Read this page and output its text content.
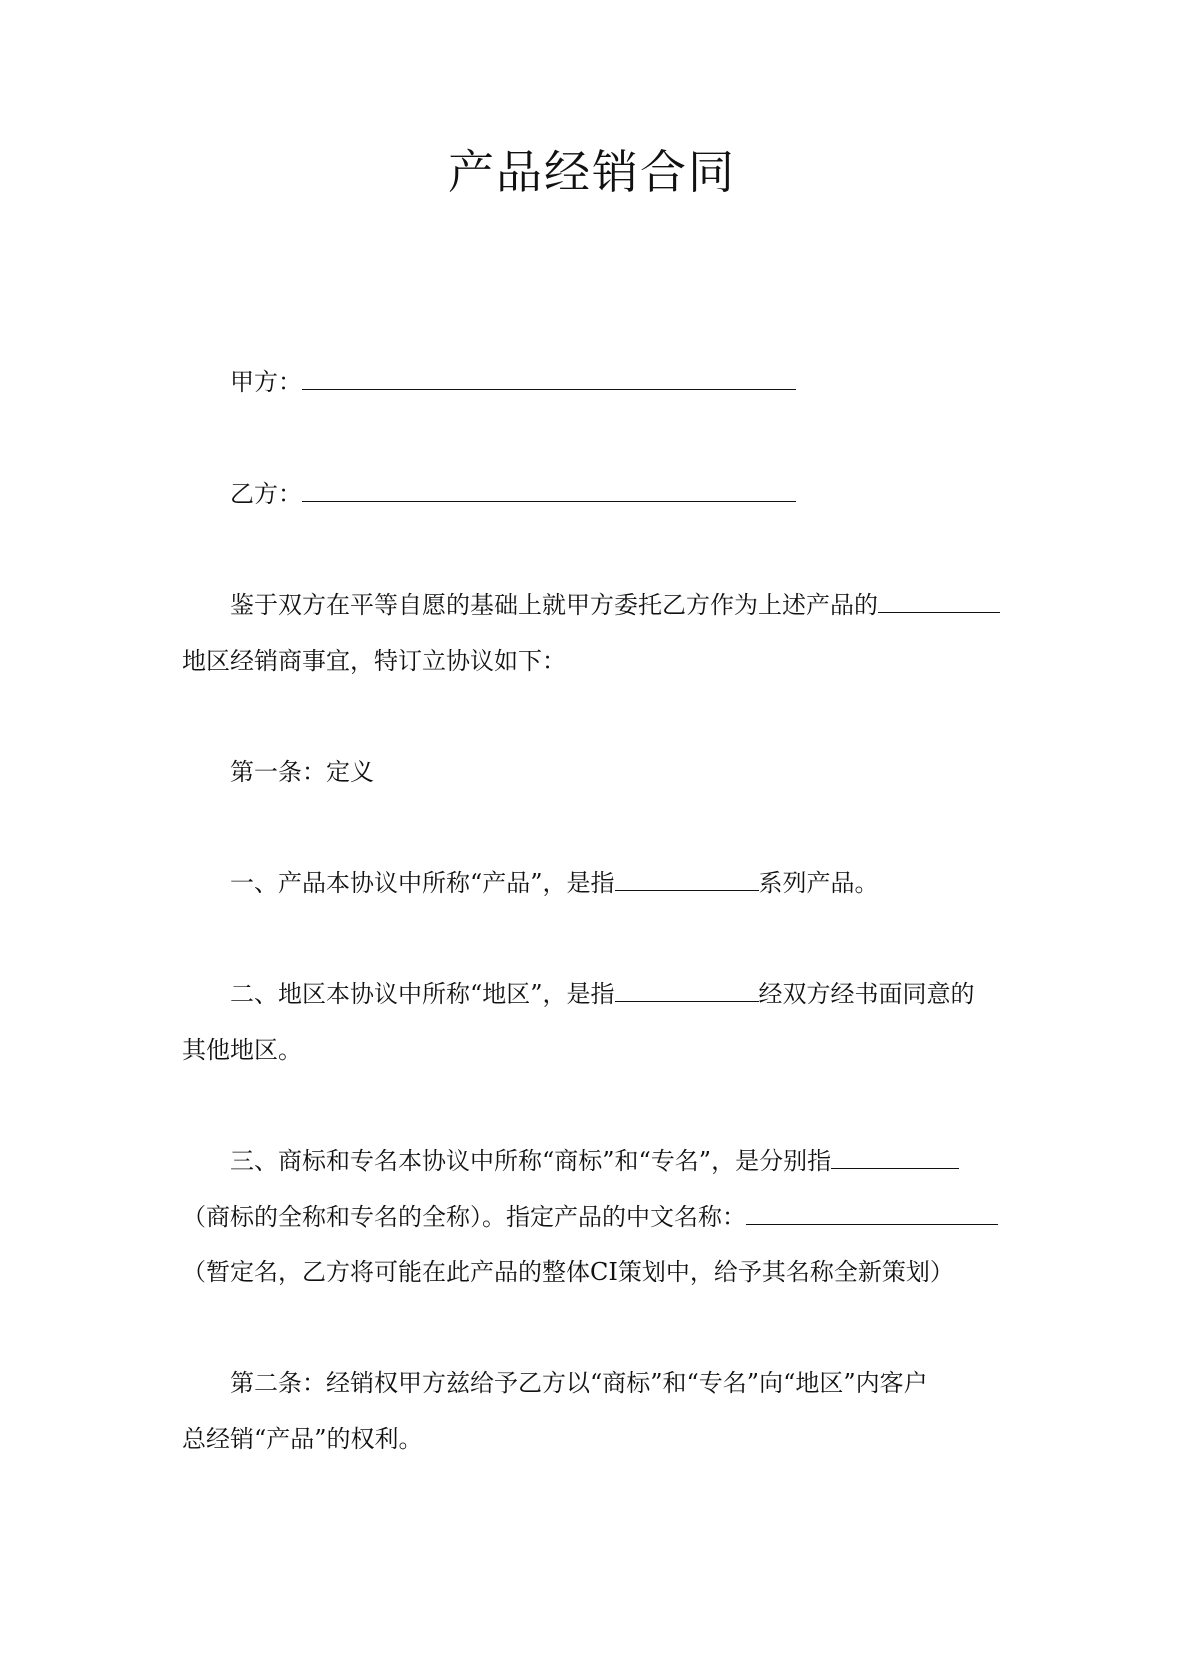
产品经销合同
甲方：
乙方：
鉴于双方在平等自愿的基础上就甲方委托乙方作为上述产品的
地区经销商事宜，特订立协议如下：
第一条：定义
一、产品本协议中所称“产品”，是指	系列产品。
二、地区本协议中所称“地区”，是指	经双方经书面同意的
其他地区。
三、商标和专名本协议中所称“商标”和“专名”，是分别指
（商标的全称和专名的全称）。指定产品的中文名称：
（暂定名，乙方将可能在此产品的整体CI策划中，给予其名称全新策划）
第二条：经销权甲方兹给予乙方以“商标”和“专名”向“地区”内客户
总经销“产品”的权利。
